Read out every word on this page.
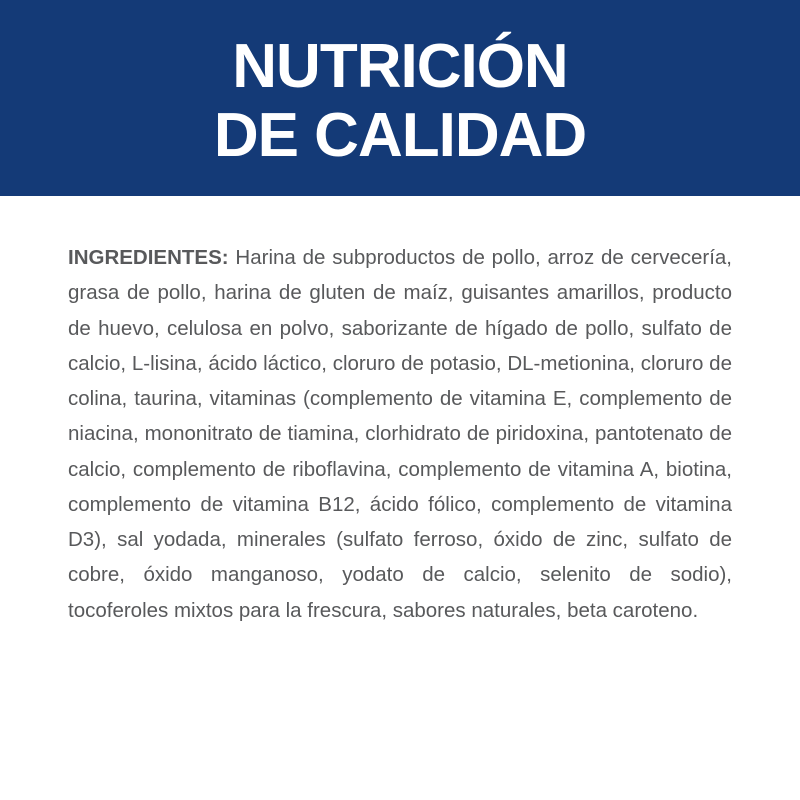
NUTRICIÓN
DE CALIDAD

INGREDIENTES: Harina de subproductos de pollo, arroz de cervecería, grasa de pollo, harina de gluten de maíz, guisantes amarillos, producto de huevo, celulosa en polvo, saborizante de hígado de pollo, sulfato de calcio, L-lisina, ácido láctico, cloruro de potasio, DL-metionina, cloruro de colina, taurina, vitaminas (complemento de vitamina E, complemento de niacina, mononitrato de tiamina, clorhidrato de piridoxina, pantotenato de calcio, complemento de riboflavina, complemento de vitamina A, biotina, complemento de vitamina B12, ácido fólico, complemento de vitamina D3), sal yodada, minerales (sulfato ferroso, óxido de zinc, sulfato de cobre, óxido manganoso, yodato de calcio, selenito de sodio), tocoferoles mixtos para la frescura, sabores naturales, beta caroteno.
